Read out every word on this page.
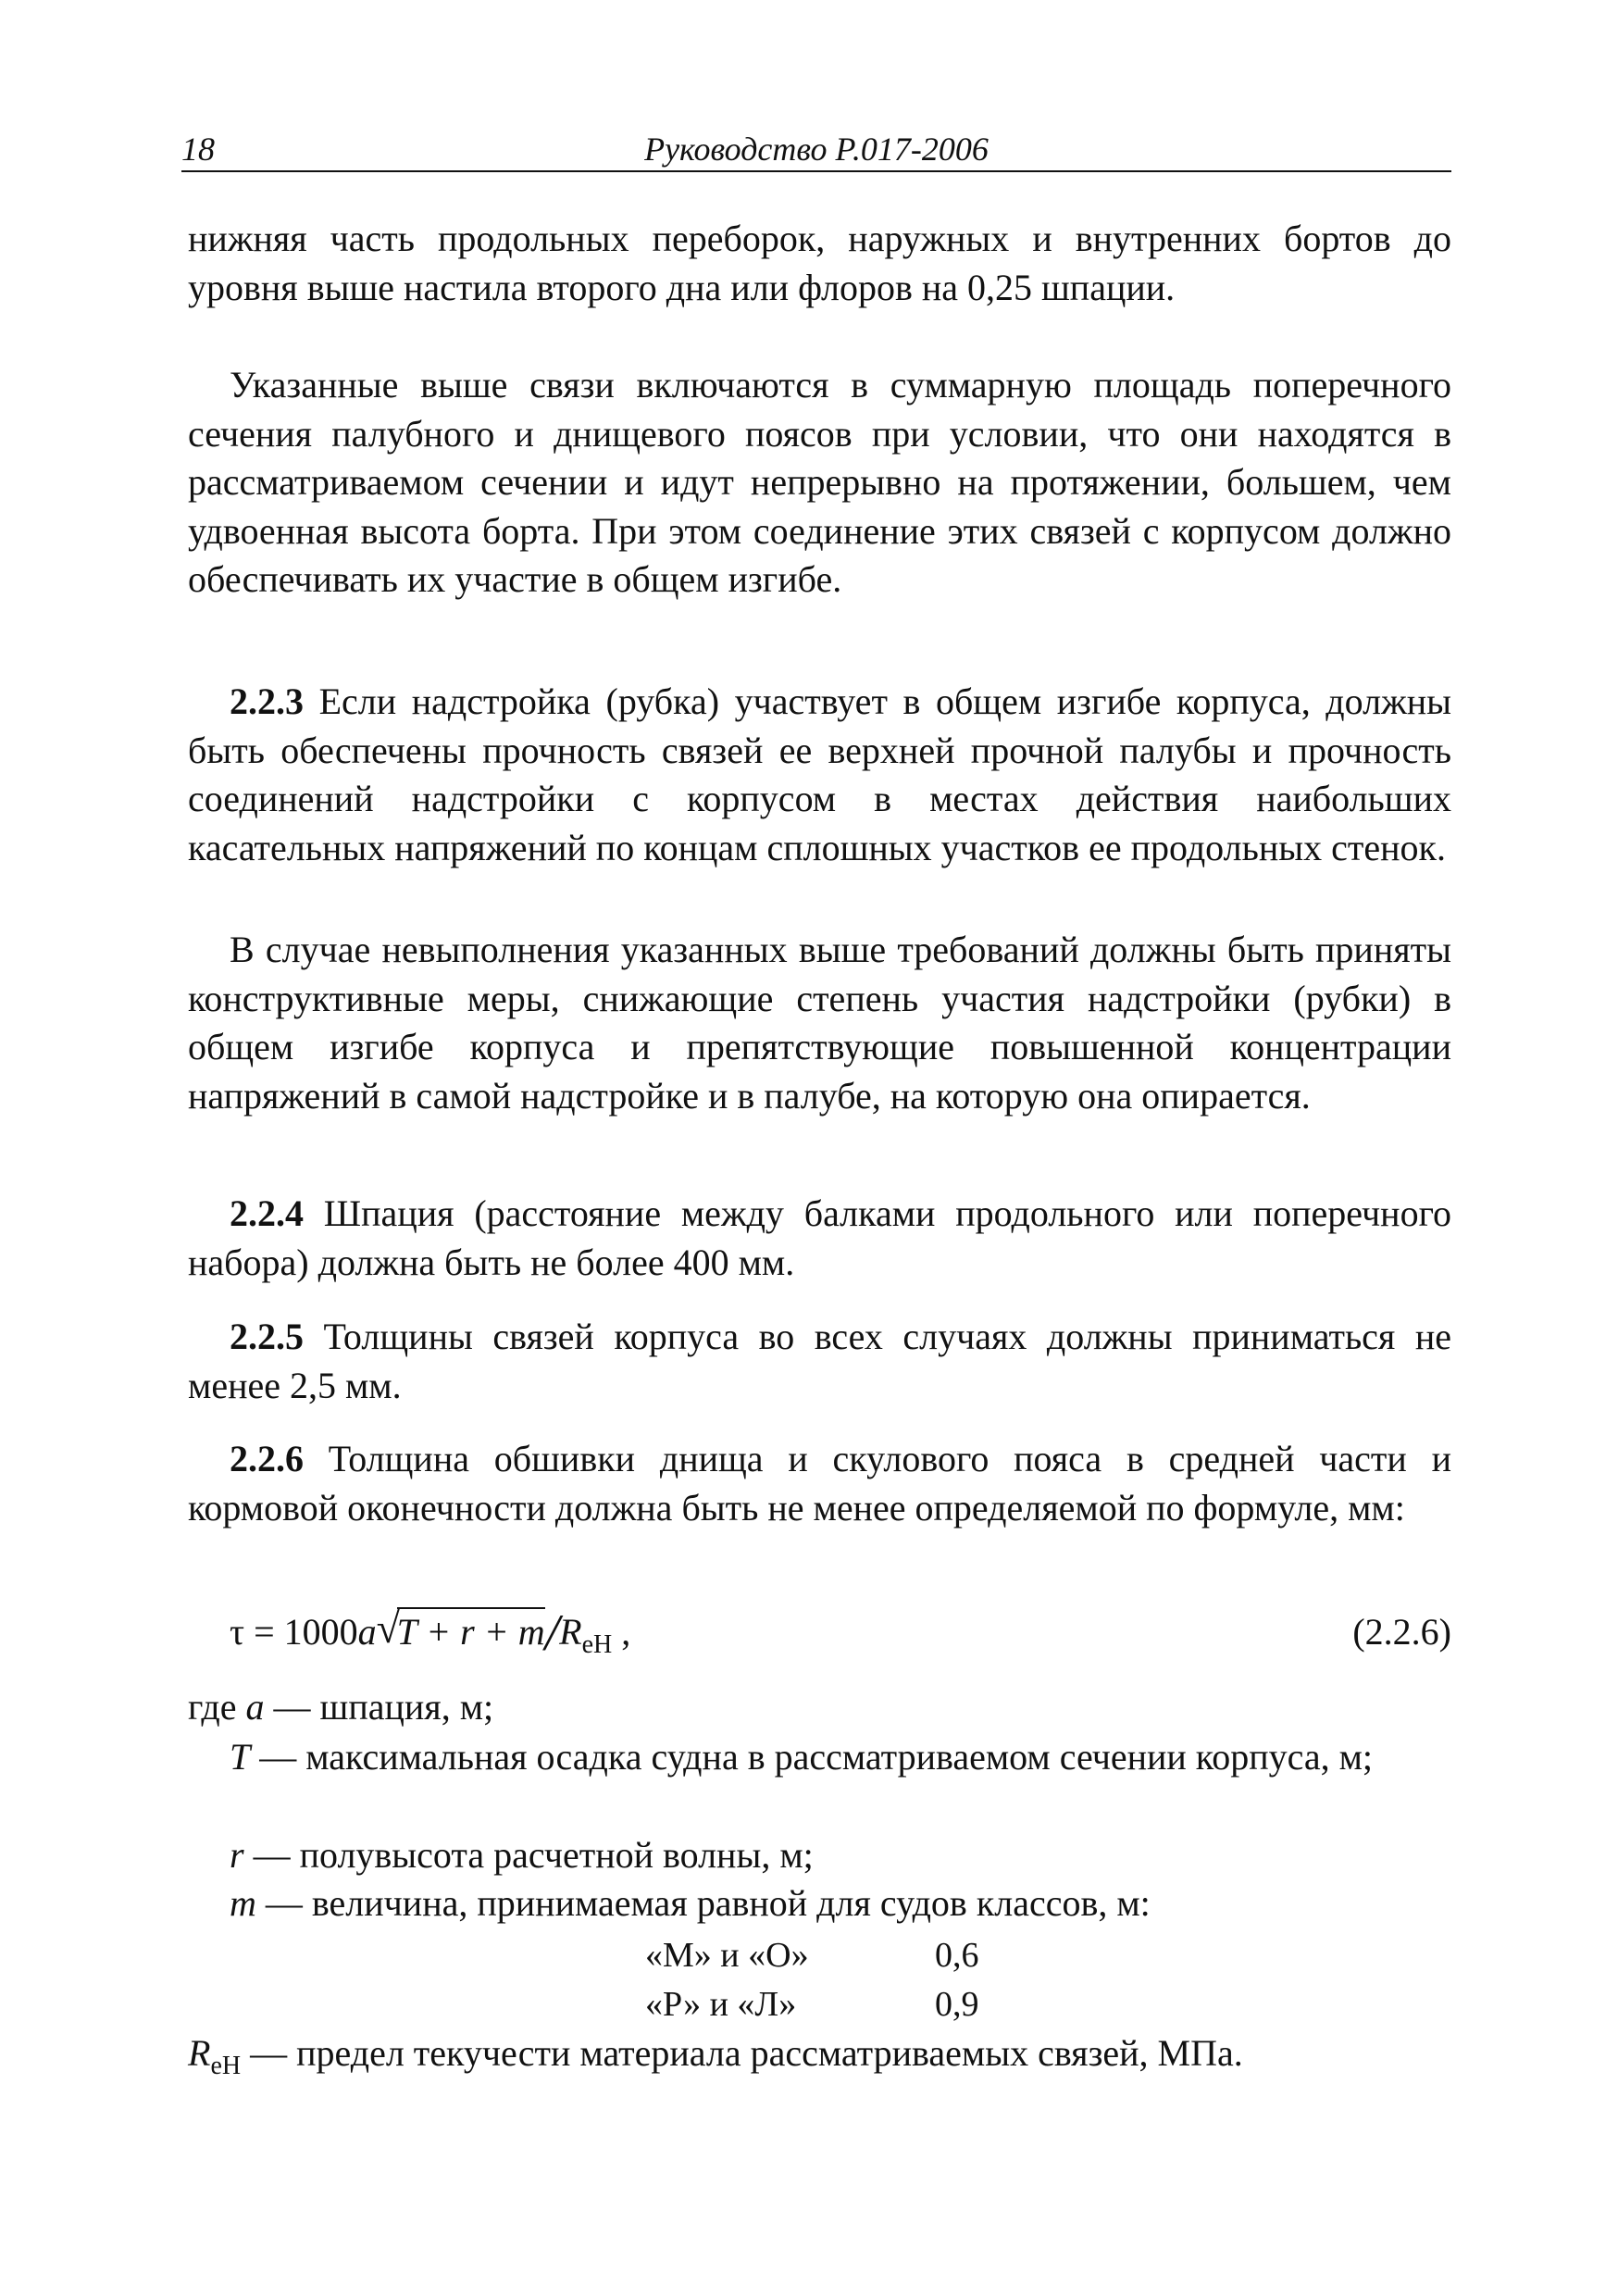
18	Руководство Р.017-2006

нижняя часть продольных переборок, наружных и внутренних бортов до уровня выше настила второго дна или флоров на 0,25 шпации.

Указанные выше связи включаются в суммарную площадь поперечного сечения палубного и днищевого поясов при условии, что они находятся в рассматриваемом сечении и идут непрерывно на протяжении, большем, чем удвоенная высота борта. При этом соединение этих связей с корпусом должно обеспечивать их участие в общем изгибе.

2.2.3 Если надстройка (рубка) участвует в общем изгибе корпуса, должны быть обеспечены прочность связей ее верхней прочной палубы и прочность соединений надстройки с корпусом в местах действия наибольших касательных напряжений по концам сплошных участков ее продольных стенок.

В случае невыполнения указанных выше требований должны быть приняты конструктивные меры, снижающие степень участия надстройки (рубки) в общем изгибе корпуса и препятствующие повышенной концентрации напряжений в самой надстройке и в палубе, на которую она опирается.

2.2.4 Шпация (расстояние между балками продольного или поперечного набора) должна быть не более 400 мм.

2.2.5 Толщины связей корпуса во всех случаях должны приниматься не менее 2,5 мм.

2.2.6 Толщина обшивки днища и скулового пояса в средней части и кормовой оконечности должна быть не менее определяемой по формуле, мм:

τ = 1000a √
$T + r + m/R_{eH}$ ,	(2.2.6)

где a — шпация, м;

T — максимальная осадка судна в рассматриваемом сечении корпуса, м;

r — полувысота расчетной волны, м;

m — величина, принимаемая равной для судов классов, м:

«М» и «О»	0,6
«Р» и «Л»	0,9

$R_{eH}$ — предел текучести материала рассматриваемых связей, МПа.
